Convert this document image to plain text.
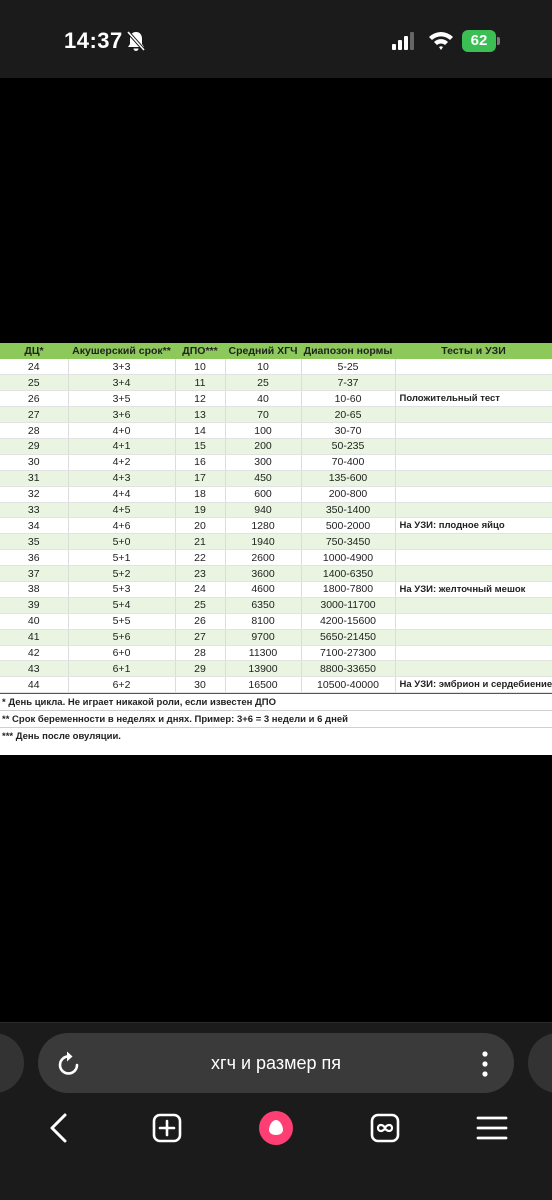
14:37	62
ДЦ*	Акушерский срок**	ДПО***	Средний ХГЧ	Диапозон нормы	Тесты и УЗИ
24	3+3	10	10	5-25	
25	3+4	11	25	7-37	
26	3+5	12	40	10-60	Положительный тест
27	3+6	13	70	20-65	
28	4+0	14	100	30-70	
29	4+1	15	200	50-235	
30	4+2	16	300	70-400	
31	4+3	17	450	135-600	
32	4+4	18	600	200-800	
33	4+5	19	940	350-1400	
34	4+6	20	1280	500-2000	На УЗИ: плодное яйцо
35	5+0	21	1940	750-3450	
36	5+1	22	2600	1000-4900	
37	5+2	23	3600	1400-6350	
38	5+3	24	4600	1800-7800	На УЗИ: желточный мешок
39	5+4	25	6350	3000-11700	
40	5+5	26	8100	4200-15600	
41	5+6	27	9700	5650-21450	
42	6+0	28	11300	7100-27300	
43	6+1	29	13900	8800-33650	
44	6+2	30	16500	10500-40000	На УЗИ: эмбрион и сердебиение
* День цикла. Не играет никакой роли, если известен ДПО
** Срок беременности в неделях и днях. Пример: 3+6 = 3 недели и 6 дней
*** День после овуляции.
хгч и размер пя
